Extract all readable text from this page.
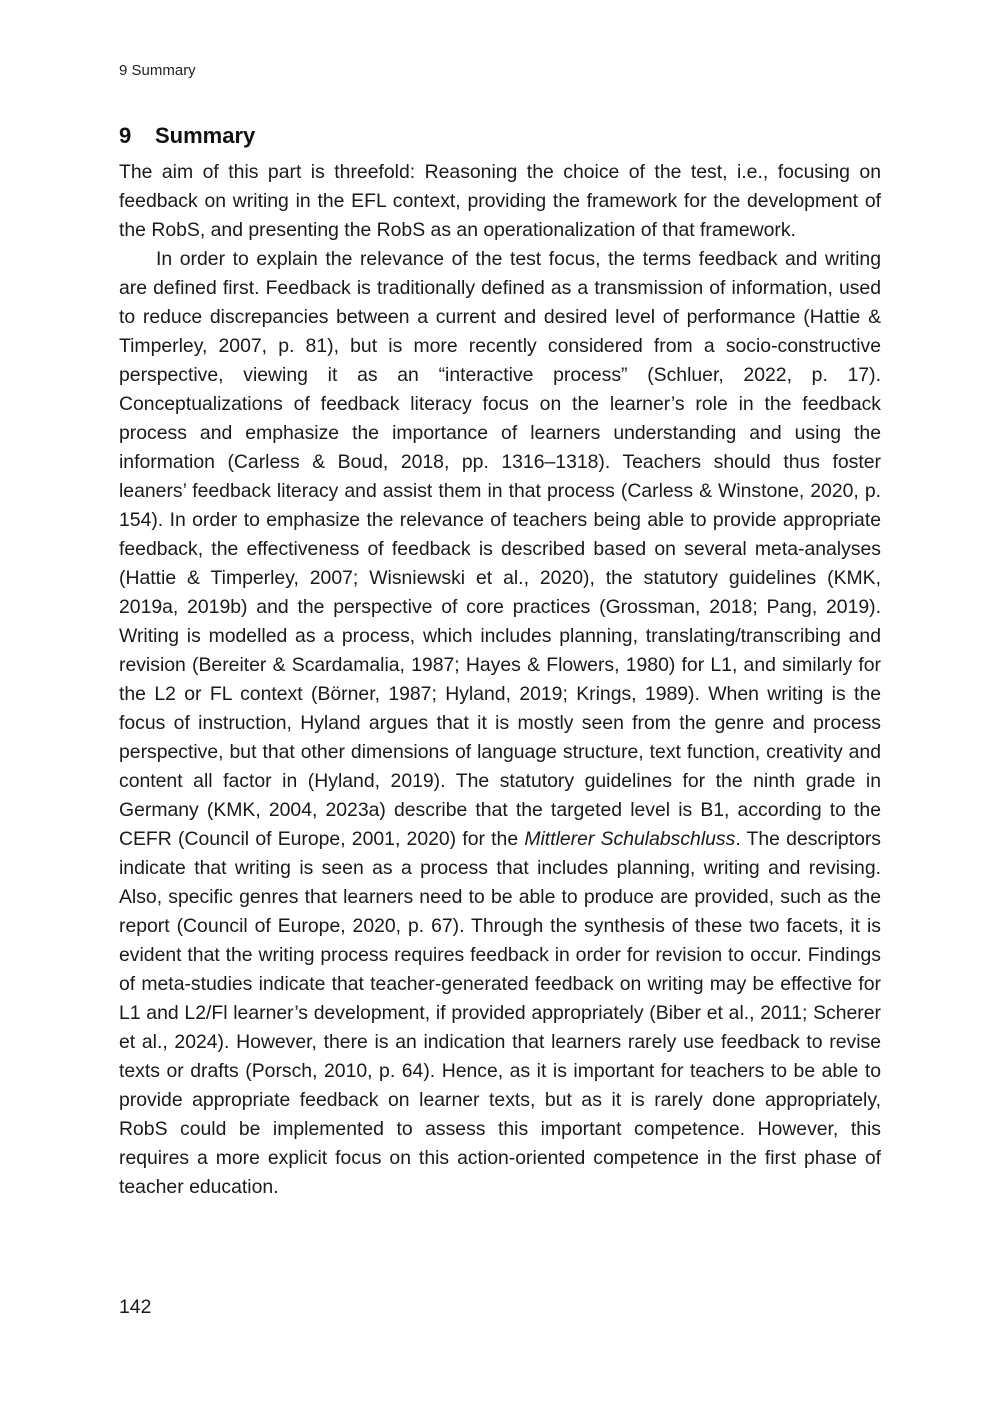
9 Summary
9 Summary

The aim of this part is threefold: Reasoning the choice of the test, i.e., focusing on feedback on writing in the EFL context, providing the framework for the development of the RobS, and presenting the RobS as an operationalization of that framework.

In order to explain the relevance of the test focus, the terms feedback and writing are defined first. Feedback is traditionally defined as a transmission of information, used to reduce discrepancies between a current and desired level of performance (Hattie & Timperley, 2007, p. 81), but is more recently considered from a socio-constructive perspective, viewing it as an “interactive process” (Schluer, 2022, p. 17). Conceptualizations of feedback literacy focus on the learner’s role in the feedback process and emphasize the importance of learners understanding and using the information (Carless & Boud, 2018, pp. 1316–1318). Teachers should thus foster leaners’ feedback literacy and assist them in that process (Carless & Winstone, 2020, p. 154). In order to emphasize the relevance of teachers being able to provide appropriate feedback, the effectiveness of feedback is described based on several meta-analyses (Hattie & Timperley, 2007; Wisniewski et al., 2020), the statutory guidelines (KMK, 2019a, 2019b) and the perspective of core practices (Grossman, 2018; Pang, 2019). Writing is modelled as a process, which includes planning, translating/transcribing and revision (Bereiter & Scardamalia, 1987; Hayes & Flowers, 1980) for L1, and similarly for the L2 or FL context (Börner, 1987; Hyland, 2019; Krings, 1989). When writing is the focus of instruction, Hyland argues that it is mostly seen from the genre and process perspective, but that other dimensions of language structure, text function, creativity and content all factor in (Hyland, 2019). The statutory guidelines for the ninth grade in Germany (KMK, 2004, 2023a) describe that the targeted level is B1, according to the CEFR (Council of Europe, 2001, 2020) for the Mittlerer Schulabschluss. The descriptors indicate that writing is seen as a process that includes planning, writing and revising. Also, specific genres that learners need to be able to produce are provided, such as the report (Council of Europe, 2020, p. 67). Through the synthesis of these two facets, it is evident that the writing process requires feedback in order for revision to occur. Findings of meta-studies indicate that teacher-generated feedback on writing may be effective for L1 and L2/Fl learner’s development, if provided appropriately (Biber et al., 2011; Scherer et al., 2024). However, there is an indication that learners rarely use feedback to revise texts or drafts (Porsch, 2010, p. 64). Hence, as it is important for teachers to be able to provide appropriate feedback on learner texts, but as it is rarely done appropriately, RobS could be implemented to assess this important competence. However, this requires a more explicit focus on this action-oriented competence in the first phase of teacher education.

142
